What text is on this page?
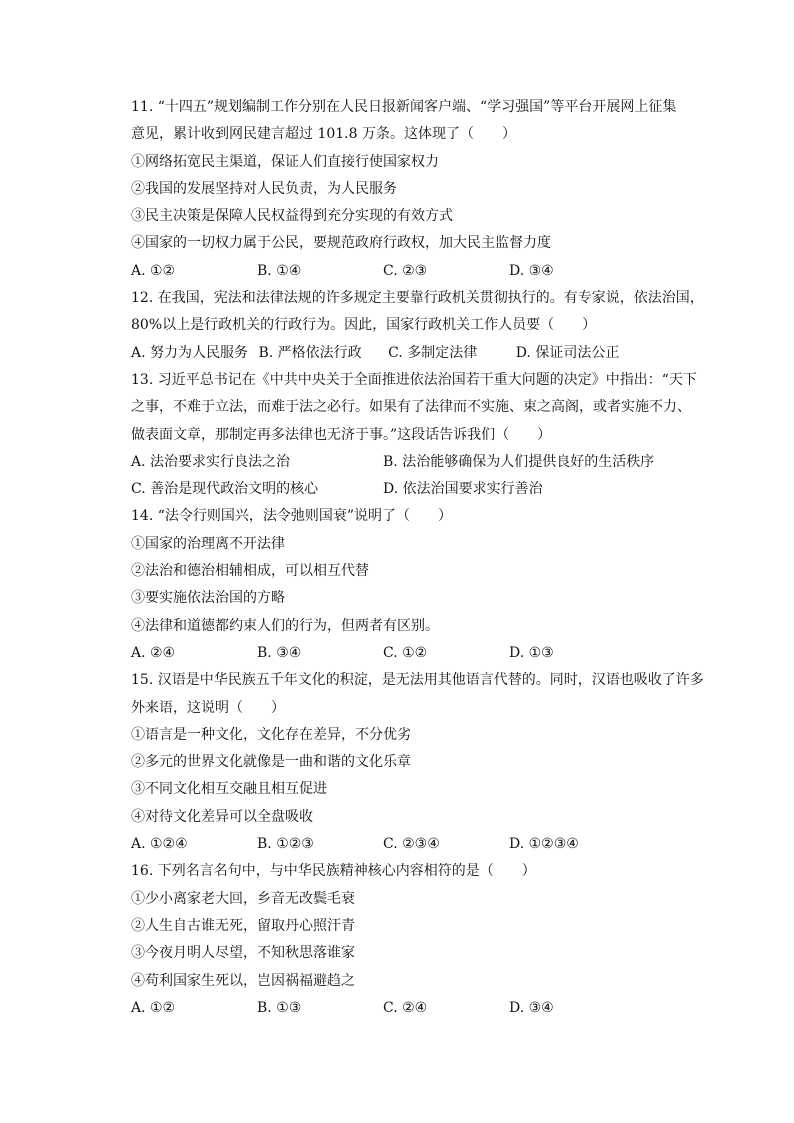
11. “十四五”规划编制工作分别在人民日报新闻客户端、“学习强国”等平台开展网上征集
意见，累计收到网民建言超过 101.8 万条。这体现了（　　）
①网络拓宽民主渠道，保证人们直接行使国家权力
②我国的发展坚持对人民负责，为人民服务
③民主决策是保障人民权益得到充分实现的有效方式
④国家的一切权力属于公民，要规范政府行政权，加大民主监督力度
A. ①②	B. ①④	C. ②③	D. ③④
12. 在我国，宪法和法律法规的许多规定主要靠行政机关贯彻执行的。有专家说，依法治国，
80%以上是行政机关的行政行为。因此，国家行政机关工作人员要（　　）
A. 努力为人民服务 B. 严格依法行政 C. 多制定法律	D. 保证司法公正
13. 习近平总书记在《中共中央关于全面推进依法治国若干重大问题的决定》中指出：“天下
之事，不难于立法，而难于法之必行。如果有了法律而不实施、束之高阁，或者实施不力、
做表面文章，那制定再多法律也无济于事。”这段话告诉我们（　　）
A. 法治要求实行良法之治	B. 法治能够确保为人们提供良好的生活秩序
C. 善治是现代政治文明的核心	D. 依法治国要求实行善治
14. “法令行则国兴，法令弛则国衰”说明了（　　）
①国家的治理离不开法律
②法治和德治相辅相成，可以相互代替
③要实施依法治国的方略
④法律和道德都约束人们的行为，但两者有区别。
A. ②④	B. ③④	C. ①②	D. ①③
15. 汉语是中华民族五千年文化的积淀，是无法用其他语言代替的。同时，汉语也吸收了许多
外来语，这说明（　　）
①语言是一种文化，文化存在差异，不分优劣
②多元的世界文化就像是一曲和谐的文化乐章
③不同文化相互交融且相互促进
④对待文化差异可以全盘吸收
A. ①②④	B. ①②③	C. ②③④	D. ①②③④
16. 下列名言名句中，与中华民族精神核心内容相符的是（　　）
①少小离家老大回，乡音无改鬓毛衰
②人生自古谁无死，留取丹心照汗青
③今夜月明人尽望，不知秋思落谁家
④苟利国家生死以，岂因祸福避趋之
A. ①②	B. ①③	C. ②④	D. ③④
